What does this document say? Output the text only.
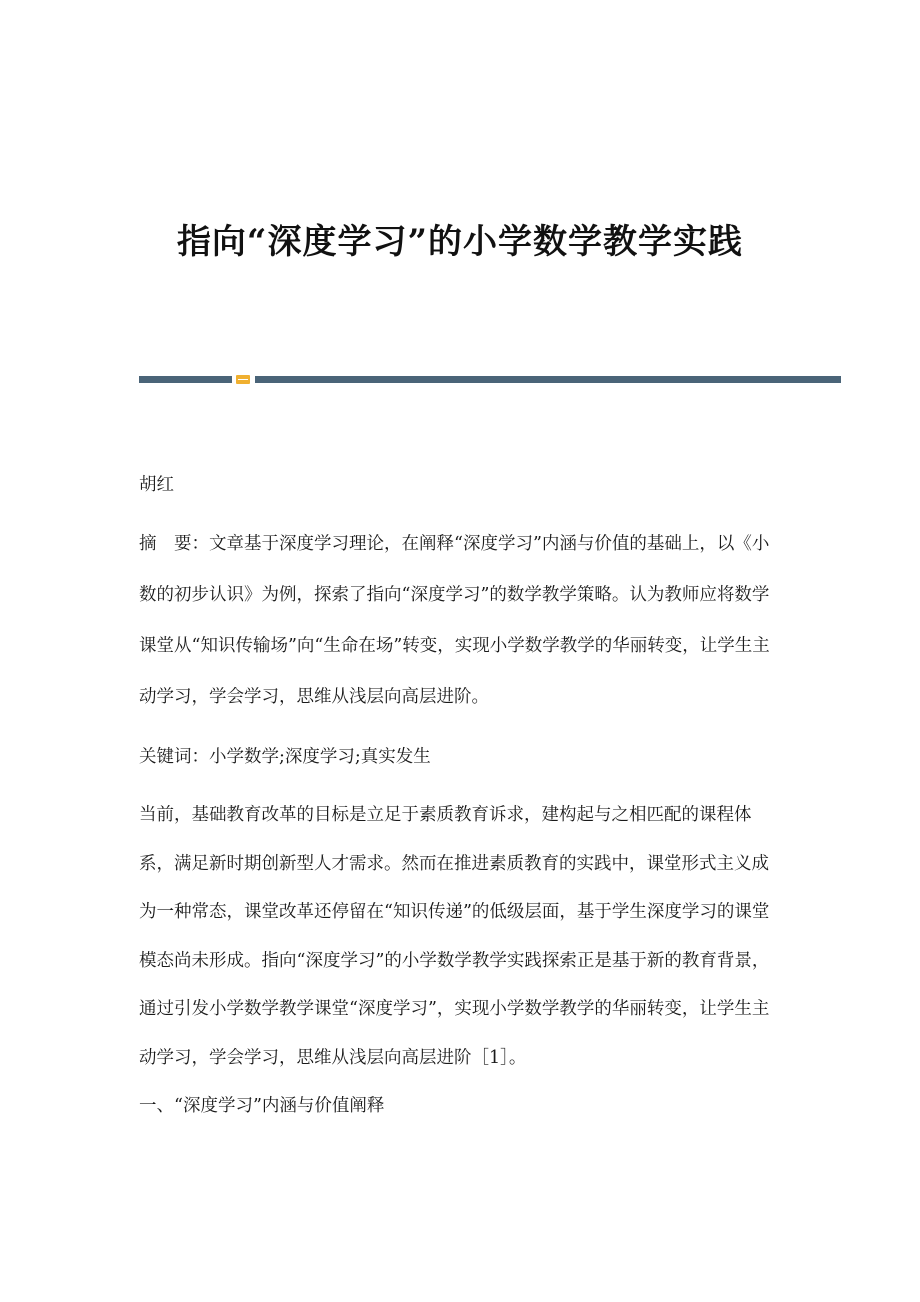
指向“深度学习”的小学数学教学实践

胡红

摘　要：文章基于深度学习理论，在阐释“深度学习”内涵与价值的基础上，以《小数的初步认识》为例，探索了指向“深度学习”的数学教学策略。认为教师应将数学课堂从“知识传输场”向“生命在场”转变，实现小学数学教学的华丽转变，让学生主动学习，学会学习，思维从浅层向高层进阶。

关键词：小学数学;深度学习;真实发生

当前，基础教育改革的目标是立足于素质教育诉求，建构起与之相匹配的课程体系，满足新时期创新型人才需求。然而在推进素质教育的实践中，课堂形式主义成为一种常态，课堂改革还停留在“知识传递”的低级层面，基于学生深度学习的课堂模态尚未形成。指向“深度学习”的小学数学教学实践探索正是基于新的教育背景，通过引发小学数学教学课堂“深度学习”，实现小学数学教学的华丽转变，让学生主动学习，学会学习，思维从浅层向高层进阶［1］。

一、“深度学习”内涵与价值阐释
